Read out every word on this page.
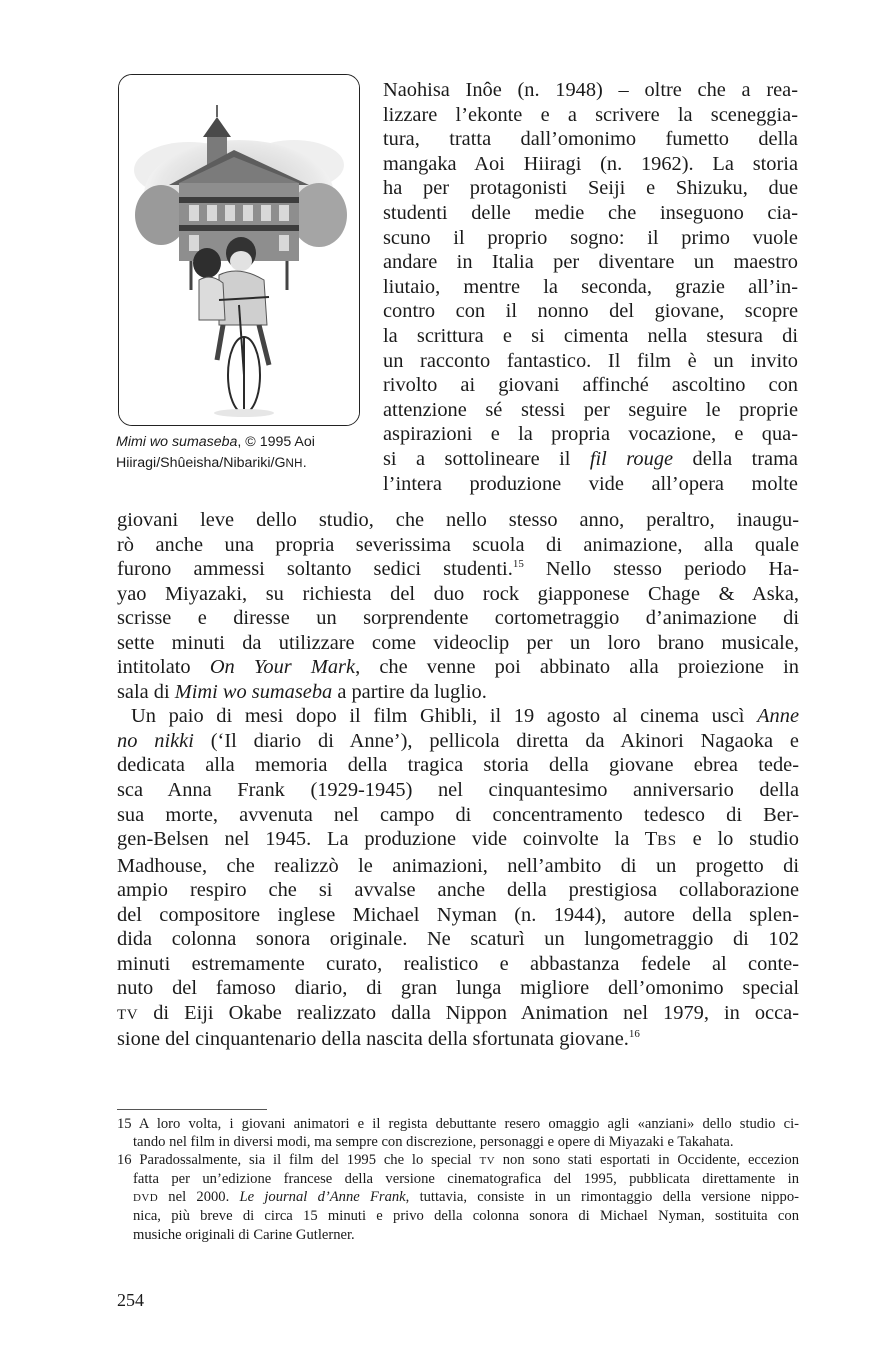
Mimi wo sumaseba, © 1995 Aoi
Hiiragi/Shûeisha/Nibariki/GNH.
Naohisa Inôe (n. 1948) – oltre che a rea-
lizzare l’ekonte e a scrivere la sceneggia-
tura, tratta dall’omonimo fumetto della
mangaka Aoi Hiiragi (n. 1962). La storia
ha per protagonisti Seiji e Shizuku, due
studenti delle medie che inseguono cia-
scuno il proprio sogno: il primo vuole
andare in Italia per diventare un maestro
liutaio, mentre la seconda, grazie all’in-
contro con il nonno del giovane, scopre
la scrittura e si cimenta nella stesura di
un racconto fantastico. Il film è un invito
rivolto ai giovani affinché ascoltino con
attenzione sé stessi per seguire le proprie
aspirazioni e la propria vocazione, e qua-
si a sottolineare il fil rouge della trama
l’intera produzione vide all’opera molte
giovani leve dello studio, che nello stesso anno, peraltro, inaugu-
rò anche una propria severissima scuola di animazione, alla quale
furono ammessi soltanto sedici studenti.$^{15}$ Nello stesso periodo Ha-
yao Miyazaki, su richiesta del duo rock giapponese Chage & Aska,
scrisse e diresse un sorprendente cortometraggio d’animazione di
sette minuti da utilizzare come videoclip per un loro brano musicale,
intitolato On Your Mark, che venne poi abbinato alla proiezione in
sala di Mimi wo sumaseba a partire da luglio.
Un paio di mesi dopo il film Ghibli, il 19 agosto al cinema uscì Anne
no nikki (‘Il diario di Anne’), pellicola diretta da Akinori Nagaoka e
dedicata alla memoria della tragica storia della giovane ebrea tede-
sca Anna Frank (1929-1945) nel cinquantesimo anniversario della
sua morte, avvenuta nel campo di concentramento tedesco di Ber-
gen-Belsen nel 1945. La produzione vide coinvolte la TBS e lo studio
Madhouse, che realizzò le animazioni, nell’ambito di un progetto di
ampio respiro che si avvalse anche della prestigiosa collaborazione
del compositore inglese Michael Nyman (n. 1944), autore della splen-
dida colonna sonora originale. Ne scaturì un lungometraggio di 102
minuti estremamente curato, realistico e abbastanza fedele al conte-
nuto del famoso diario, di gran lunga migliore dell’omonimo special
TV di Eiji Okabe realizzato dalla Nippon Animation nel 1979, in occa-
sione del cinquantenario della nascita della sfortunata giovane.$^{16}$
15 A loro volta, i giovani animatori e il regista debuttante resero omaggio agli «anziani» dello studio ci-
tando nel film in diversi modi, ma sempre con discrezione, personaggi e opere di Miyazaki e Takahata.
16 Paradossalmente, sia il film del 1995 che lo special TV non sono stati esportati in Occidente, eccezion
fatta per un’edizione francese della versione cinematografica del 1995, pubblicata direttamente in
DVD nel 2000. Le journal d’Anne Frank, tuttavia, consiste in un rimontaggio della versione nippo-
nica, più breve di circa 15 minuti e privo della colonna sonora di Michael Nyman, sostituita con
musiche originali di Carine Gutlerner.
254
